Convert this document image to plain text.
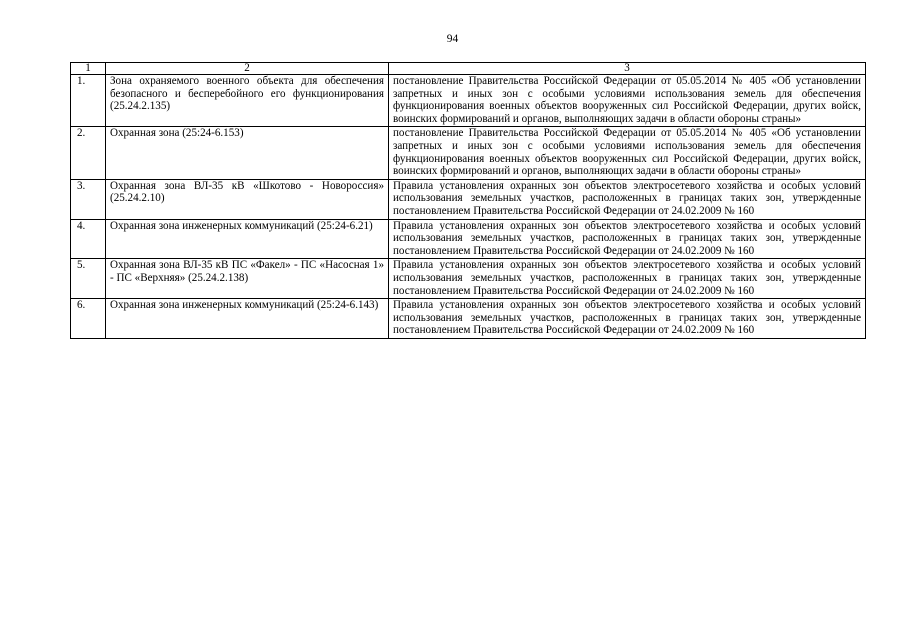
94
1	2	3
1.	Зона охраняемого военного объекта для обеспечения безопасного и бесперебойного его функционирования (25.24.2.135)	постановление Правительства Российской Федерации от 05.05.2014 № 405 «Об установлении запретных и иных зон с особыми условиями использования земель для обеспечения функционирования военных объектов вооруженных сил Российской Федерации, других войск, воинских формирований и органов, выполняющих задачи в области обороны страны»
2.	Охранная зона (25:24-6.153)	постановление Правительства Российской Федерации от 05.05.2014 № 405 «Об установлении запретных и иных зон с особыми условиями использования земель для обеспечения функционирования военных объектов вооруженных сил Российской Федерации, других войск, воинских формирований и органов, выполняющих задачи в области обороны страны»
3.	Охранная зона ВЛ-35 кВ «Шкотово - Новороссия» (25.24.2.10)	Правила установления охранных зон объектов электросетевого хозяйства и особых условий использования земельных участков, расположенных в границах таких зон, утвержденные постановлением Правительства Российской Федерации от 24.02.2009 № 160
4.	Охранная зона инженерных коммуникаций (25:24-6.21)	Правила установления охранных зон объектов электросетевого хозяйства и особых условий использования земельных участков, расположенных в границах таких зон, утвержденные постановлением Правительства Российской Федерации от 24.02.2009 № 160
5.	Охранная зона ВЛ-35 кВ ПС «Факел» - ПС «Насосная 1» - ПС «Верхняя» (25.24.2.138)	Правила установления охранных зон объектов электросетевого хозяйства и особых условий использования земельных участков, расположенных в границах таких зон, утвержденные постановлением Правительства Российской Федерации от 24.02.2009 № 160
6.	Охранная зона инженерных коммуникаций (25:24-6.143)	Правила установления охранных зон объектов электросетевого хозяйства и особых условий использования земельных участков, расположенных в границах таких зон, утвержденные постановлением Правительства Российской Федерации от 24.02.2009 № 160
